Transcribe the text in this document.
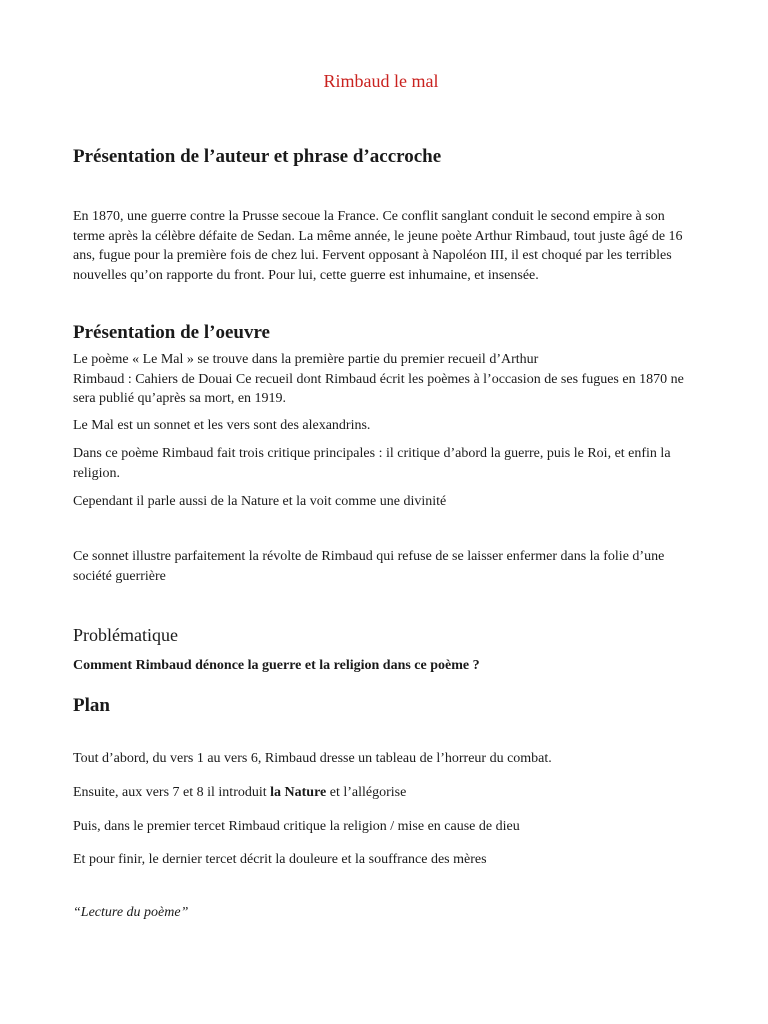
Rimbaud le mal
Présentation de l’auteur et phrase d’accroche

En 1870, une guerre contre la Prusse secoue la France. Ce conflit sanglant conduit le second empire à son terme après la célèbre défaite de Sedan. La même année, le jeune poète Arthur Rimbaud, tout juste âgé de 16 ans, fugue pour la première fois de chez lui. Fervent opposant à Napoléon III, il est choqué par les terribles nouvelles qu’on rapporte du front. Pour lui, cette guerre est inhumaine, et insensée.

Présentation de l’oeuvre

Le poème « Le Mal » se trouve dans la première partie du premier recueil d’Arthur

Rimbaud : Cahiers de Douai Ce recueil dont Rimbaud écrit les poèmes à l’occasion de ses fugues en 1870 ne sera publié qu’après sa mort, en 1919.

Le Mal est un sonnet et les vers sont des alexandrins.

Dans ce poème Rimbaud fait trois critique principales : il critique d’abord la guerre, puis le Roi, et enfin la religion.

Cependant il parle aussi de la Nature et la voit comme une divinité

Ce sonnet illustre parfaitement la révolte de Rimbaud qui refuse de se laisser enfermer dans la folie d’une société guerrière

Problématique

Comment Rimbaud dénonce la guerre et la religion dans ce poème ?

Plan

Tout d’abord, du vers 1 au vers 6, Rimbaud dresse un tableau de l’horreur du combat.

Ensuite, aux vers 7 et 8 il introduit la Nature et l’allégorise

Puis, dans le premier tercet Rimbaud critique la religion / mise en cause de dieu

Et pour finir, le dernier tercet décrit la douleure et la souffrance des mères

“Lecture du poème”
